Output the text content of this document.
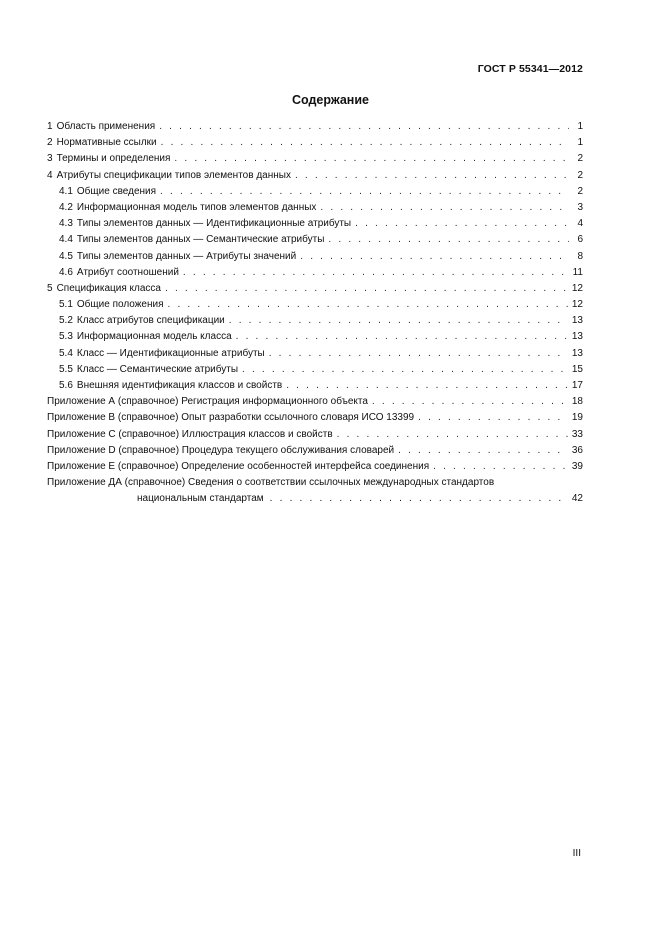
ГОСТ Р 55341—2012
Содержание
1 Область применения . . .	1
2 Нормативные ссылки . . .	1
3 Термины и определения . . .	2
4 Атрибуты спецификации типов элементов данных . . .	2
4.1 Общие сведения . . .	2
4.2 Информационная модель типов элементов данных . . .	3
4.3 Типы элементов данных — Идентификационные атрибуты . . .	4
4.4 Типы элементов данных — Семантические атрибуты . . .	6
4.5 Типы элементов данных — Атрибуты значений . . .	8
4.6 Атрибут соотношений . . .	11
5 Спецификация класса . . .	12
5.1 Общие положения . . .	12
5.2 Класс атрибутов спецификации . . .	13
5.3 Информационная модель класса . . .	13
5.4 Класс — Идентификационные атрибуты . . .	13
5.5 Класс — Семантические атрибуты . . .	15
5.6 Внешняя идентификация классов и свойств . . .	17
Приложение А (справочное) Регистрация информационного объекта . . .	18
Приложение В (справочное) Опыт разработки ссылочного словаря ИСО 13399 . . .	19
Приложение С (справочное) Иллюстрация классов и свойств . . .	33
Приложение D (справочное) Процедура текущего обслуживания словарей . . .	36
Приложение Е (справочное) Определение особенностей интерфейса соединения . . .	39
Приложение ДА (справочное) Сведения о соответствии ссылочных международных стандартов
национальным стандартам . . .	42
III
